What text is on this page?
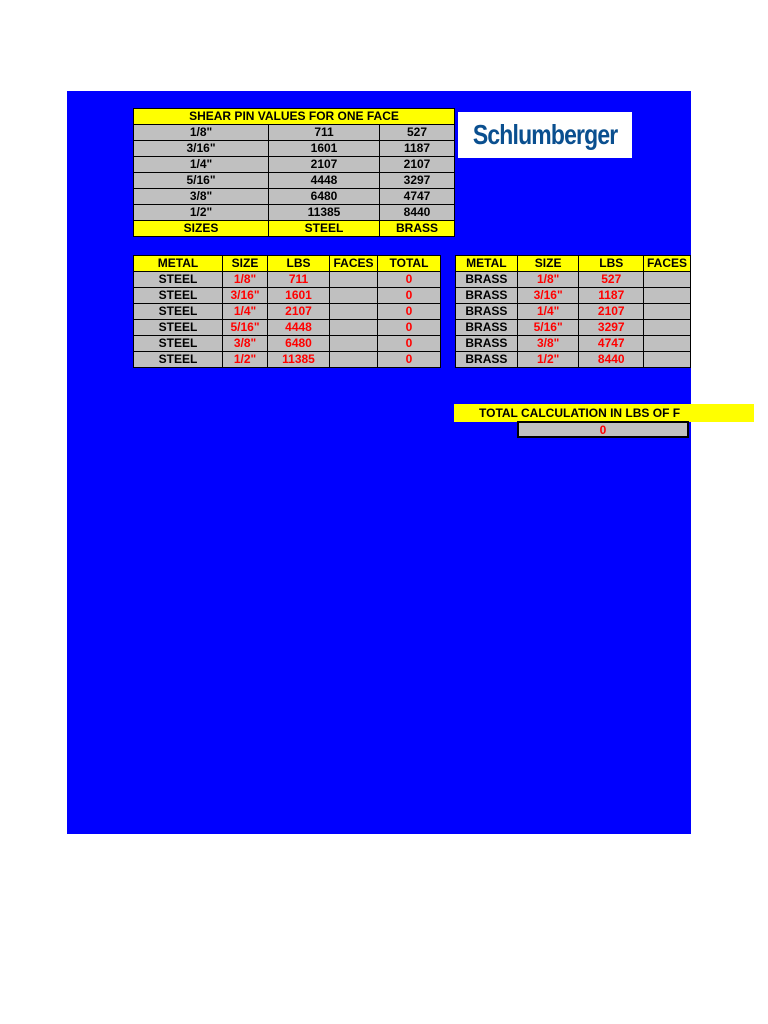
SHEAR PIN VALUES FOR ONE FACE		
1/8"	711	527
3/16"	1601	1187
1/4"	2107	2107
5/16"	4448	3297
3/8"	6480	4747
1/2"	11385	8440
SIZES	STEEL	BRASS
Schlumberger
METAL	SIZE	LBS	FACES	TOTAL
STEEL	1/8"	711		0
STEEL	3/16"	1601		0
STEEL	1/4"	2107		0
STEEL	5/16"	4448		0
STEEL	3/8"	6480		0
STEEL	1/2"	11385		0
METAL	SIZE	LBS	FACES
BRASS	1/8"	527	
BRASS	3/16"	1187	
BRASS	1/4"	2107	
BRASS	5/16"	3297	
BRASS	3/8"	4747	
BRASS	1/2"	8440	
TOTAL CALCULATION IN LBS OF F
0
